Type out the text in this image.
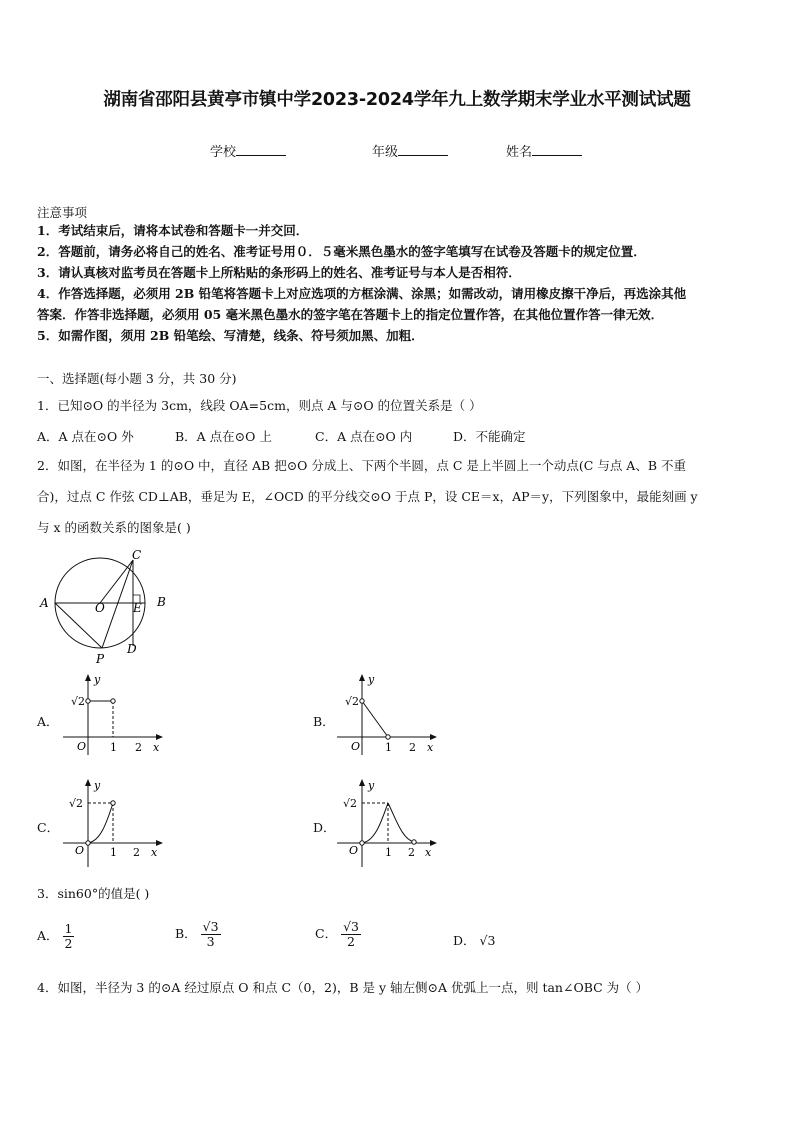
湖南省邵阳县黄亭市镇中学2023-2024学年九上数学期末学业水平测试试题
学校	年级	姓名
注意事项
1．考试结束后，请将本试卷和答题卡一并交回．
2．答题前，请务必将自己的姓名、准考证号用０．５毫米黑色墨水的签字笔填写在试卷及答题卡的规定位置．
3．请认真核对监考员在答题卡上所粘贴的条形码上的姓名、准考证号与本人是否相符．
4．作答选择题，必须用 2B 铅笔将答题卡上对应选项的方框涂满、涂黑；如需改动，请用橡皮擦干净后，再选涂其他
答案．作答非选择题，必须用 05 毫米黑色墨水的签字笔在答题卡上的指定位置作答，在其他位置作答一律无效．
5．如需作图，须用 2B 铅笔绘、写清楚，线条、符号须加黑、加粗．
一、选择题(每小题 3 分，共 30 分)
1．已知⊙O 的半径为 3cm，线段 OA=5cm，则点 A 与⊙O 的位置关系是（ ）
A．A 点在⊙O 外	B．A 点在⊙O 上	C．A 点在⊙O 内	D．不能确定
2．如图，在半径为 1 的⊙O 中，直径 AB 把⊙O 分成上、下两个半圆，点 C 是上半圆上一个动点(C 与点 A、B 不重
合)，过点 C 作弦 CD⊥AB，垂足为 E，∠OCD 的平分线交⊙O 于点 P，设 CE＝x，AP＝y，下列图象中，最能刻画 y
与 x 的函数关系的图象是( )
A	B
C
D
E
O
P
A．	B．
C．	D．
y
√2
O 1 2 x
y
√2
O 1 2 x
y
√2
O 1 2 x
y
√2
O 1 2 x
3．sin60°的值是( )
A． $\frac{1}{2}$	B． $\frac{√3}{3}$	C． $\frac{√3}{2}$	D． √3
4．如图，半径为 3 的⊙A 经过原点 O 和点 C（0，2)，B 是 y 轴左侧⊙A 优弧上一点，则 tan∠OBC 为（ ）
